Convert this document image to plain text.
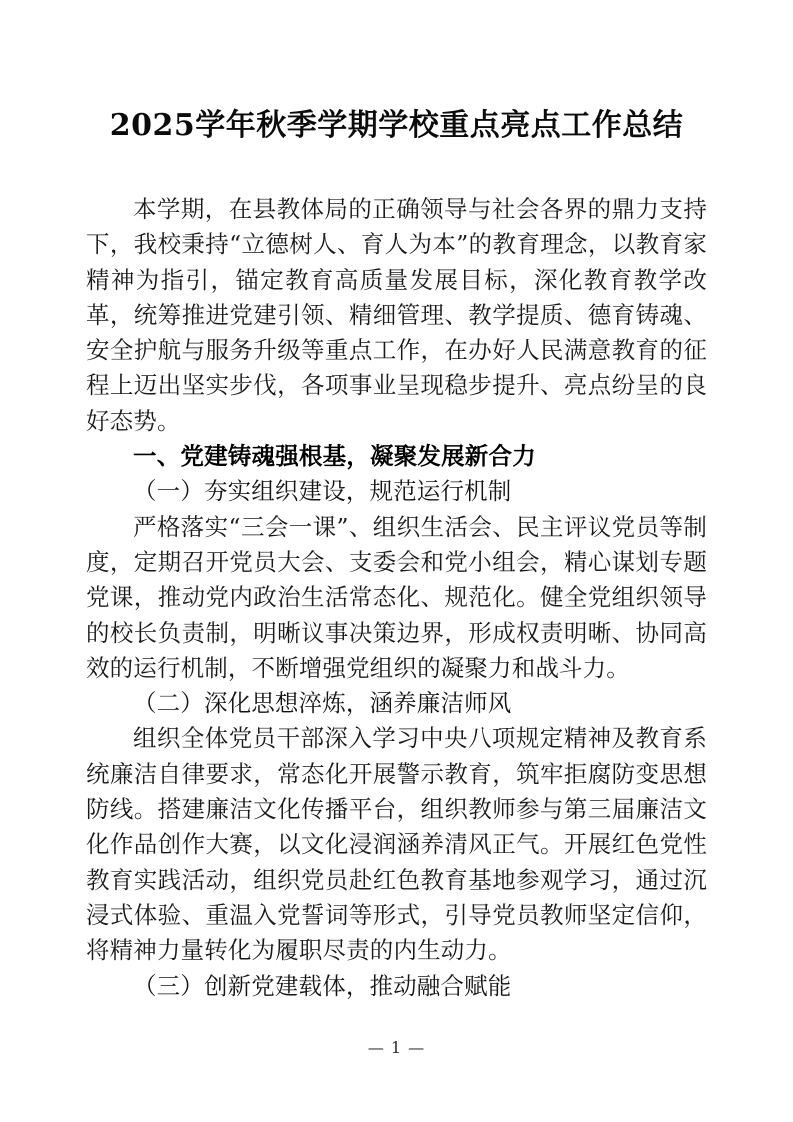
2025学年秋季学期学校重点亮点工作总结

本学期，在县教体局的正确领导与社会各界的鼎力支持下，我校秉持“立德树人、育人为本”的教育理念，以教育家精神为指引，锚定教育高质量发展目标，深化教育教学改革，统筹推进党建引领、精细管理、教学提质、德育铸魂、安全护航与服务升级等重点工作，在办好人民满意教育的征程上迈出坚实步伐，各项事业呈现稳步提升、亮点纷呈的良好态势。

一、党建铸魂强根基，凝聚发展新合力

（一）夯实组织建设，规范运行机制

严格落实“三会一课”、组织生活会、民主评议党员等制度，定期召开党员大会、支委会和党小组会，精心谋划专题党课，推动党内政治生活常态化、规范化。健全党组织领导的校长负责制，明晰议事决策边界，形成权责明晰、协同高效的运行机制，不断增强党组织的凝聚力和战斗力。

（二）深化思想淬炼，涵养廉洁师风

组织全体党员干部深入学习中央八项规定精神及教育系统廉洁自律要求，常态化开展警示教育，筑牢拒腐防变思想防线。搭建廉洁文化传播平台，组织教师参与第三届廉洁文化作品创作大赛，以文化浸润涵养清风正气。开展红色党性教育实践活动，组织党员赴红色教育基地参观学习，通过沉浸式体验、重温入党誓词等形式，引导党员教师坚定信仰，将精神力量转化为履职尽责的内生动力。

（三）创新党建载体，推动融合赋能

— 1 —
